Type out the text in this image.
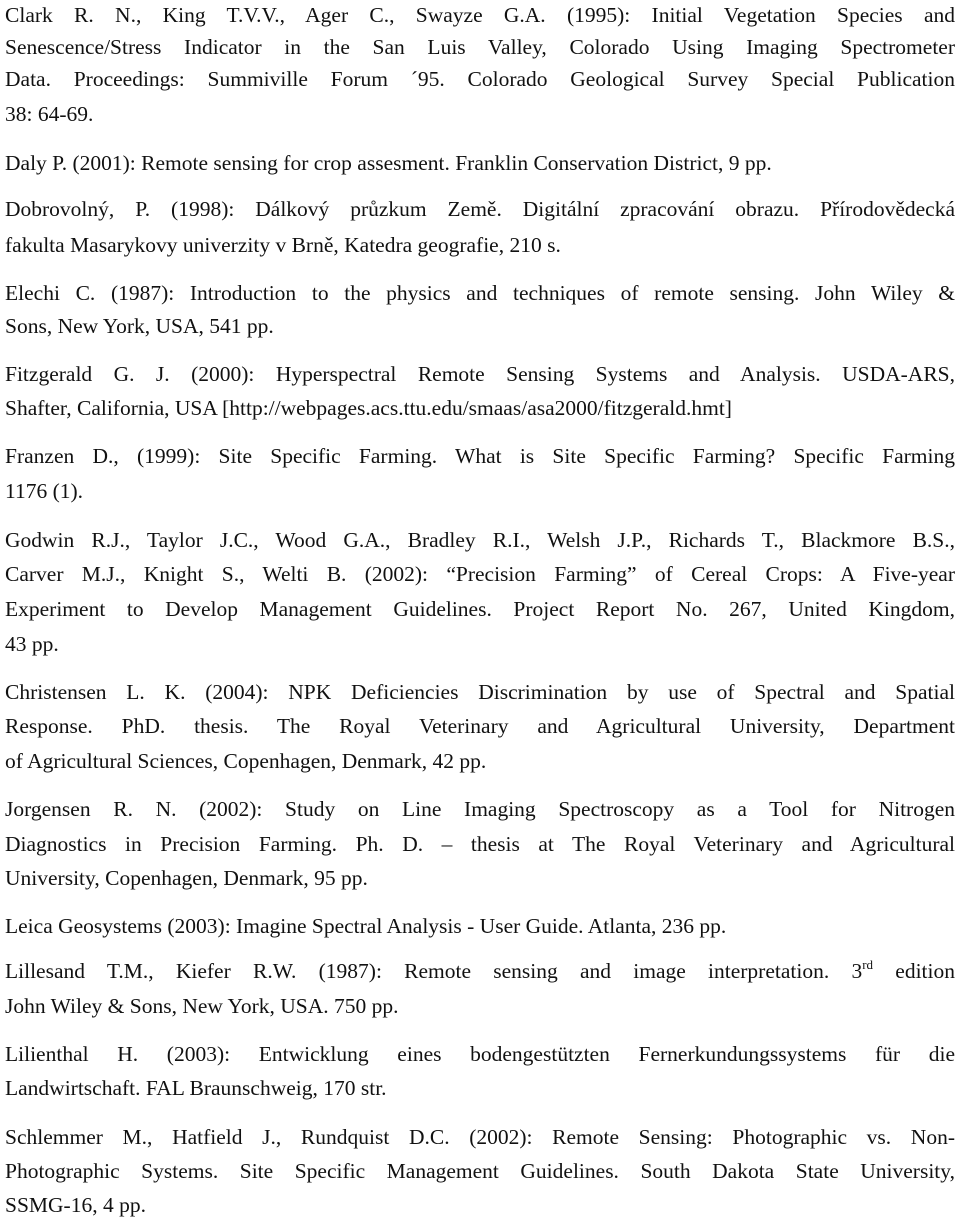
Clark R. N., King T.V.V., Ager C., Swayze G.A. (1995): Initial Vegetation Species and
Senescence/Stress Indicator in the San Luis Valley, Colorado Using Imaging Spectrometer
Data. Proceedings: Summiville Forum ´95. Colorado Geological Survey Special Publication
38: 64-69.
Daly P. (2001): Remote sensing for crop assesment. Franklin Conservation District, 9 pp.
Dobrovolný, P. (1998): Dálkový průzkum Země. Digitální zpracování obrazu. Přírodovědecká
fakulta Masarykovy univerzity v Brně, Katedra geografie, 210 s.
Elechi C. (1987): Introduction to the physics and techniques of remote sensing. John Wiley &
Sons, New York, USA, 541 pp.
Fitzgerald G. J. (2000): Hyperspectral Remote Sensing Systems and Analysis. USDA-ARS,
Shafter, California, USA [http://webpages.acs.ttu.edu/smaas/asa2000/fitzgerald.hmt]
Franzen D., (1999): Site Specific Farming. What is Site Specific Farming? Specific Farming
1176 (1).
Godwin R.J., Taylor J.C., Wood G.A., Bradley R.I., Welsh J.P., Richards T., Blackmore B.S.,
Carver M.J., Knight S., Welti B. (2002): “Precision Farming” of Cereal Crops: A Five-year
Experiment to Develop Management Guidelines. Project Report No. 267, United Kingdom,
43 pp.
Christensen L. K. (2004): NPK Deficiencies Discrimination by use of Spectral and Spatial
Response. PhD. thesis. The Royal Veterinary and Agricultural University, Department
of Agricultural Sciences, Copenhagen, Denmark, 42 pp.
Jorgensen R. N. (2002): Study on Line Imaging Spectroscopy as a Tool for Nitrogen
Diagnostics in Precision Farming. Ph. D. – thesis at The Royal Veterinary and Agricultural
University, Copenhagen, Denmark, 95 pp.
Leica Geosystems (2003): Imagine Spectral Analysis - User Guide. Atlanta, 236 pp.
Lillesand T.M., Kiefer R.W. (1987): Remote sensing and image interpretation. 3rd edition
John Wiley & Sons, New York, USA. 750 pp.
Lilienthal H. (2003): Entwicklung eines bodengestützten Fernerkundungssystems für die
Landwirtschaft. FAL Braunschweig, 170 str.
Schlemmer M., Hatfield J., Rundquist D.C. (2002): Remote Sensing: Photographic vs. Non-
Photographic Systems. Site Specific Management Guidelines. South Dakota State University,
SSMG-16, 4 pp.
